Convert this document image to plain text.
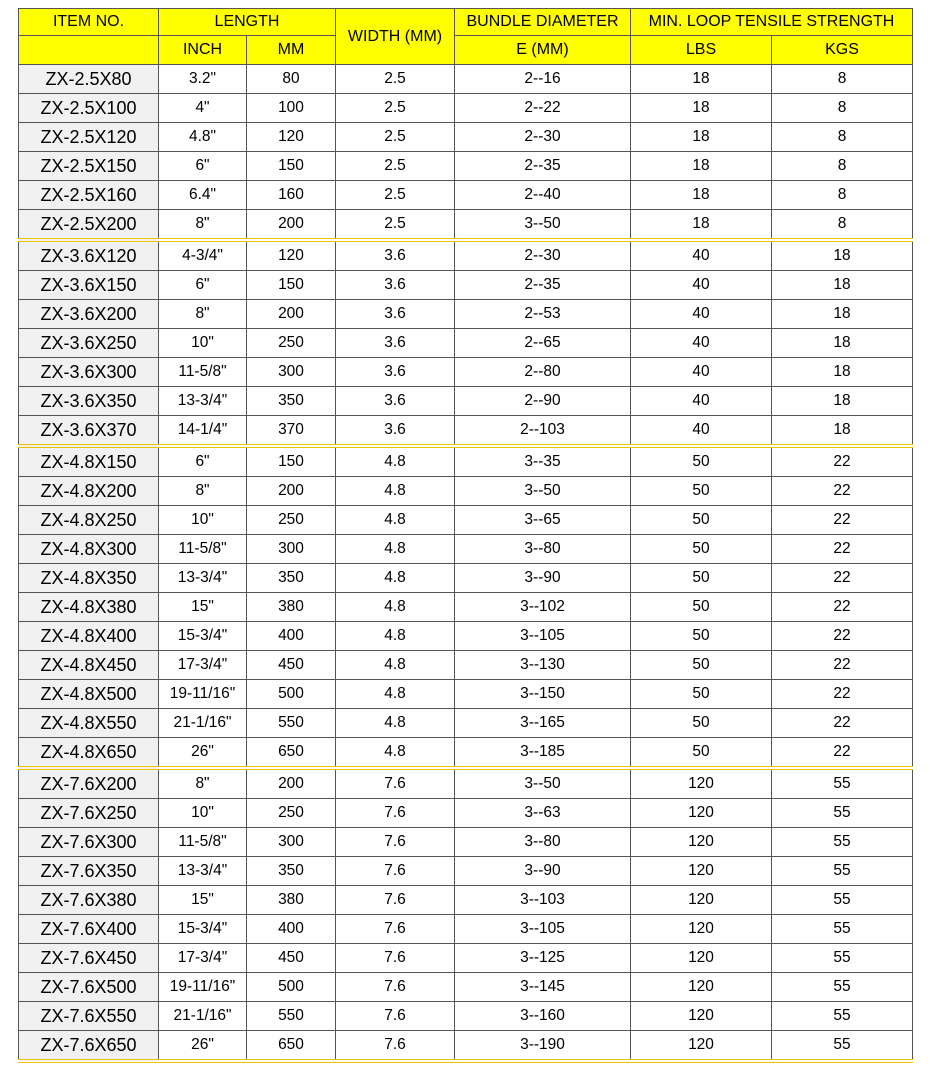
ITEM NO.	LENGTH		WIDTH (MM)	BUNDLE DIAMETER	MIN. LOOP TENSILE STRENGTH	
	INCH	MM		E (MM)	LBS	KGS
ZX-2.5X80	3.2"	80	2.5	2--16	18	8
ZX-2.5X100	4"	100	2.5	2--22	18	8
ZX-2.5X120	4.8"	120	2.5	2--30	18	8
ZX-2.5X150	6"	150	2.5	2--35	18	8
ZX-2.5X160	6.4"	160	2.5	2--40	18	8
ZX-2.5X200	8"	200	2.5	3--50	18	8
ZX-3.6X120	4-3/4"	120	3.6	2--30	40	18
ZX-3.6X150	6"	150	3.6	2--35	40	18
ZX-3.6X200	8"	200	3.6	2--53	40	18
ZX-3.6X250	10"	250	3.6	2--65	40	18
ZX-3.6X300	11-5/8"	300	3.6	2--80	40	18
ZX-3.6X350	13-3/4"	350	3.6	2--90	40	18
ZX-3.6X370	14-1/4"	370	3.6	2--103	40	18
ZX-4.8X150	6"	150	4.8	3--35	50	22
ZX-4.8X200	8"	200	4.8	3--50	50	22
ZX-4.8X250	10"	250	4.8	3--65	50	22
ZX-4.8X300	11-5/8"	300	4.8	3--80	50	22
ZX-4.8X350	13-3/4"	350	4.8	3--90	50	22
ZX-4.8X380	15"	380	4.8	3--102	50	22
ZX-4.8X400	15-3/4"	400	4.8	3--105	50	22
ZX-4.8X450	17-3/4"	450	4.8	3--130	50	22
ZX-4.8X500	19-11/16"	500	4.8	3--150	50	22
ZX-4.8X550	21-1/16"	550	4.8	3--165	50	22
ZX-4.8X650	26"	650	4.8	3--185	50	22
ZX-7.6X200	8"	200	7.6	3--50	120	55
ZX-7.6X250	10"	250	7.6	3--63	120	55
ZX-7.6X300	11-5/8"	300	7.6	3--80	120	55
ZX-7.6X350	13-3/4"	350	7.6	3--90	120	55
ZX-7.6X380	15"	380	7.6	3--103	120	55
ZX-7.6X400	15-3/4"	400	7.6	3--105	120	55
ZX-7.6X450	17-3/4"	450	7.6	3--125	120	55
ZX-7.6X500	19-11/16"	500	7.6	3--145	120	55
ZX-7.6X550	21-1/16"	550	7.6	3--160	120	55
ZX-7.6X650	26"	650	7.6	3--190	120	55
